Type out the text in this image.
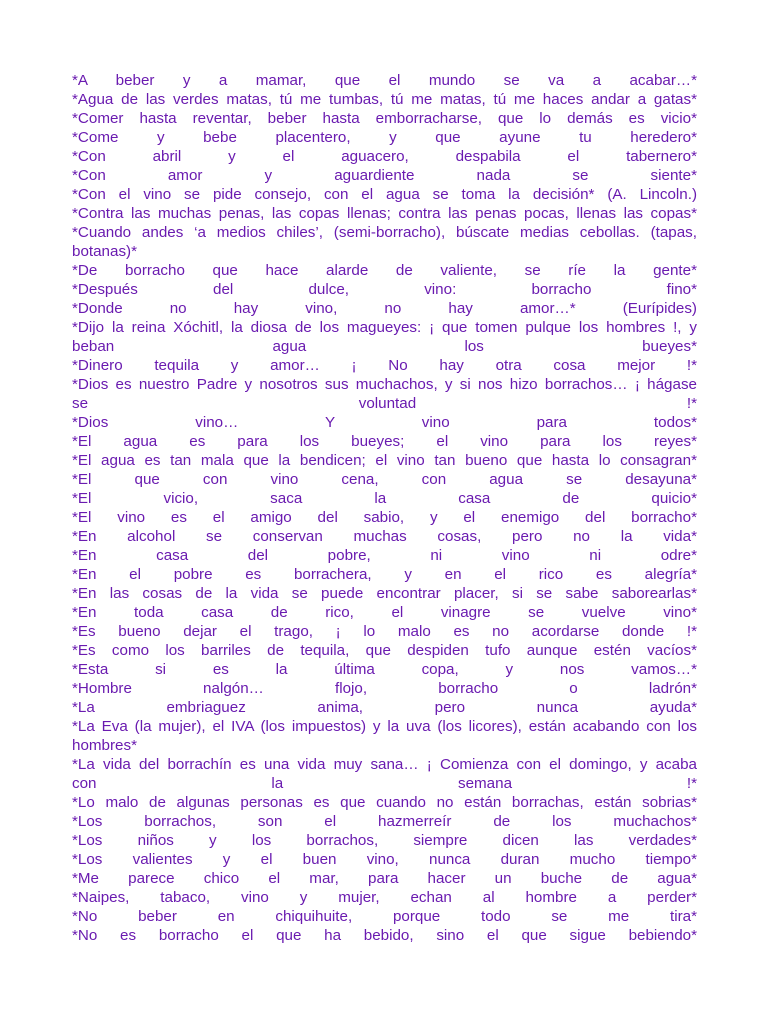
*A beber y a mamar, que el mundo se va a acabar…*
*Agua de las verdes matas, tú me tumbas, tú me matas, tú me haces andar a gatas*
*Comer hasta reventar, beber hasta emborracharse, que lo demás es vicio*
*Come y bebe placentero, y que ayune tu heredero*
*Con abril y el aguacero, despabila el tabernero*
*Con amor y aguardiente nada se siente*
*Con el vino se pide consejo, con el agua se toma la decisión* (A. Lincoln.)
*Contra las muchas penas, las copas llenas; contra las penas pocas, llenas las copas*
*Cuando andes ‘a medios chiles’, (semi-borracho), búscate medias cebollas. (tapas,
botanas)*
*De borracho que hace alarde de valiente, se ríe la gente*
*Después del dulce, vino: borracho fino*
*Donde no hay vino, no hay amor…* (Eurípides)
*Dijo la reina Xóchitl, la diosa de los magueyes: ¡ que tomen pulque los hombres !, y
beban agua los bueyes*
*Dinero tequila y amor… ¡ No hay otra cosa mejor !*
*Dios es nuestro Padre y nosotros sus muchachos, y si nos hizo borrachos… ¡ hágase
se voluntad !*
*Dios vino… Y vino para todos*
*El agua es para los bueyes; el vino para los reyes*
*El agua es tan mala que la bendicen; el vino tan bueno que hasta lo consagran*
*El que con vino cena, con agua se desayuna*
*El vicio, saca la casa de quicio*
*El vino es el amigo del sabio, y el enemigo del borracho*
*En alcohol se conservan muchas cosas, pero no la vida*
*En casa del pobre, ni vino ni odre*
*En el pobre es borrachera, y en el rico es alegría*
*En las cosas de la vida se puede encontrar placer, si se sabe saborearlas*
*En toda casa de rico, el vinagre se vuelve vino*
*Es bueno dejar el trago, ¡ lo malo es no acordarse donde !*
*Es como los barriles de tequila, que despiden tufo aunque estén vacíos*
*Esta si es la última copa, y nos vamos…*
*Hombre nalgón… flojo, borracho o ladrón*
*La embriaguez anima, pero nunca ayuda*
*La Eva (la mujer), el IVA (los impuestos) y la uva (los licores), están acabando con los
hombres*
*La vida del borrachín es una vida muy sana… ¡ Comienza con el domingo, y acaba
con la semana !*
*Lo malo de algunas personas es que cuando no están borrachas, están sobrias*
*Los borrachos, son el hazmerreír de los muchachos*
*Los niños y los borrachos, siempre dicen las verdades*
*Los valientes y el buen vino, nunca duran mucho tiempo*
*Me parece chico el mar, para hacer un buche de agua*
*Naipes, tabaco, vino y mujer, echan al hombre a perder*
*No beber en chiquihuite, porque todo se me tira*
*No es borracho el que ha bebido, sino el que sigue bebiendo*
